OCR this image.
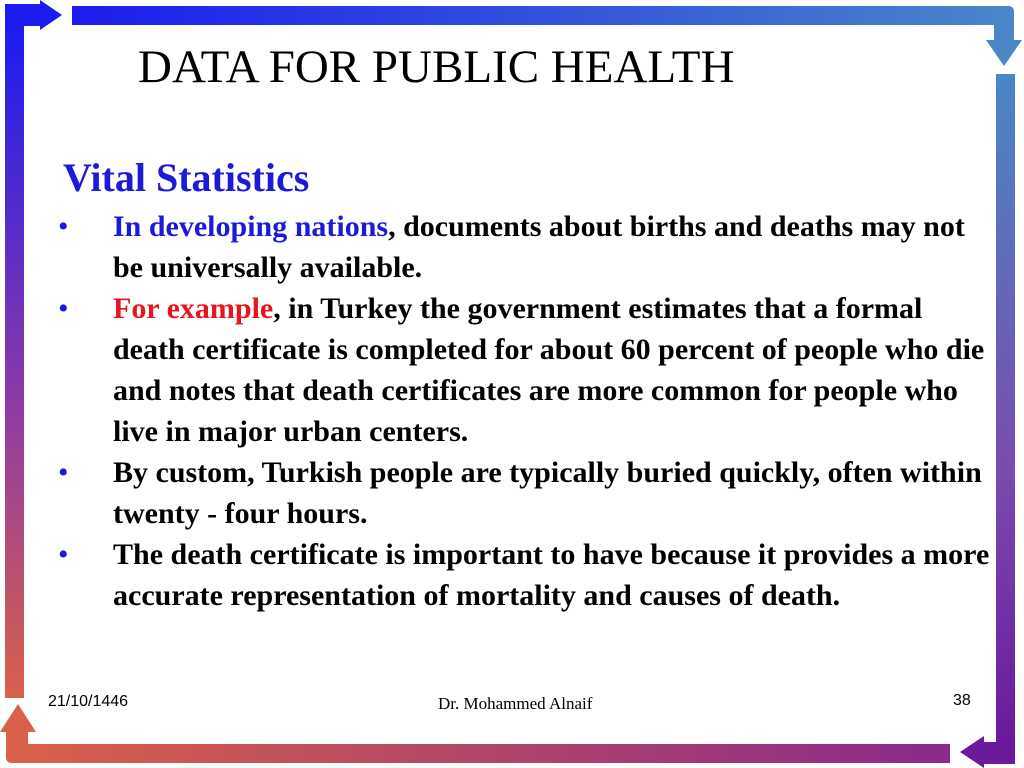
DATA FOR PUBLIC HEALTH
Vital Statistics
• In developing nations, documents about births and deaths may not be universally available.
• For example, in Turkey the government estimates that a formal death certificate is completed for about 60 percent of people who die and notes that death certificates are more common for people who live in major urban centers.
• By custom, Turkish people are typically buried quickly, often within twenty - four hours.
• The death certificate is important to have because it provides a more accurate representation of mortality and causes of death.
21/10/1446	Dr. Mohammed Alnaif	38
